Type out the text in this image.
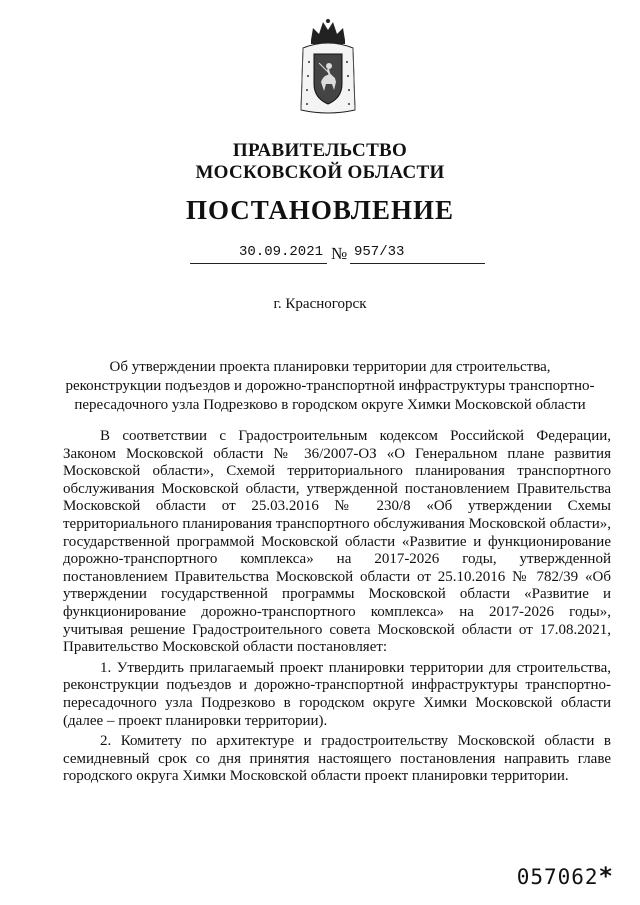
ПРАВИТЕЛЬСТВО
МОСКОВСКОЙ ОБЛАСТИ
ПОСТАНОВЛЕНИЕ
30.09.2021 № 957/33
г. Красногорск
Об утверждении проекта планировки территории для строительства, реконструкции подъездов и дорожно-транспортной инфраструктуры транспортно-пересадочного узла Подрезково в городском округе Химки Московской области

В соответствии с Градостроительным кодексом Российской Федерации, Законом Московской области № 36/2007-ОЗ «О Генеральном плане развития Московской области», Схемой территориального планирования транспортного обслуживания Московской области, утвержденной постановлением Правительства Московской области от 25.03.2016 № 230/8 «Об утверждении Схемы территориального планирования транспортного обслуживания Московской области», государственной программой Московской области «Развитие и функционирование дорожно-транспортного комплекса» на 2017-2026 годы, утвержденной постановлением Правительства Московской области от 25.10.2016 № 782/39 «Об утверждении государственной программы Московской области «Развитие и функционирование дорожно-транспортного комплекса» на 2017-2026 годы», учитывая решение Градостроительного совета Московской области от 17.08.2021, Правительство Московской области постановляет:

1. Утвердить прилагаемый проект планировки территории для строительства, реконструкции подъездов и дорожно-транспортной инфраструктуры транспортно-пересадочного узла Подрезково в городском округе Химки Московской области (далее – проект планировки территории).

2. Комитету по архитектуре и градостроительству Московской области в семидневный срок со дня принятия настоящего постановления направить главе городского округа Химки Московской области проект планировки территории.

057062*
